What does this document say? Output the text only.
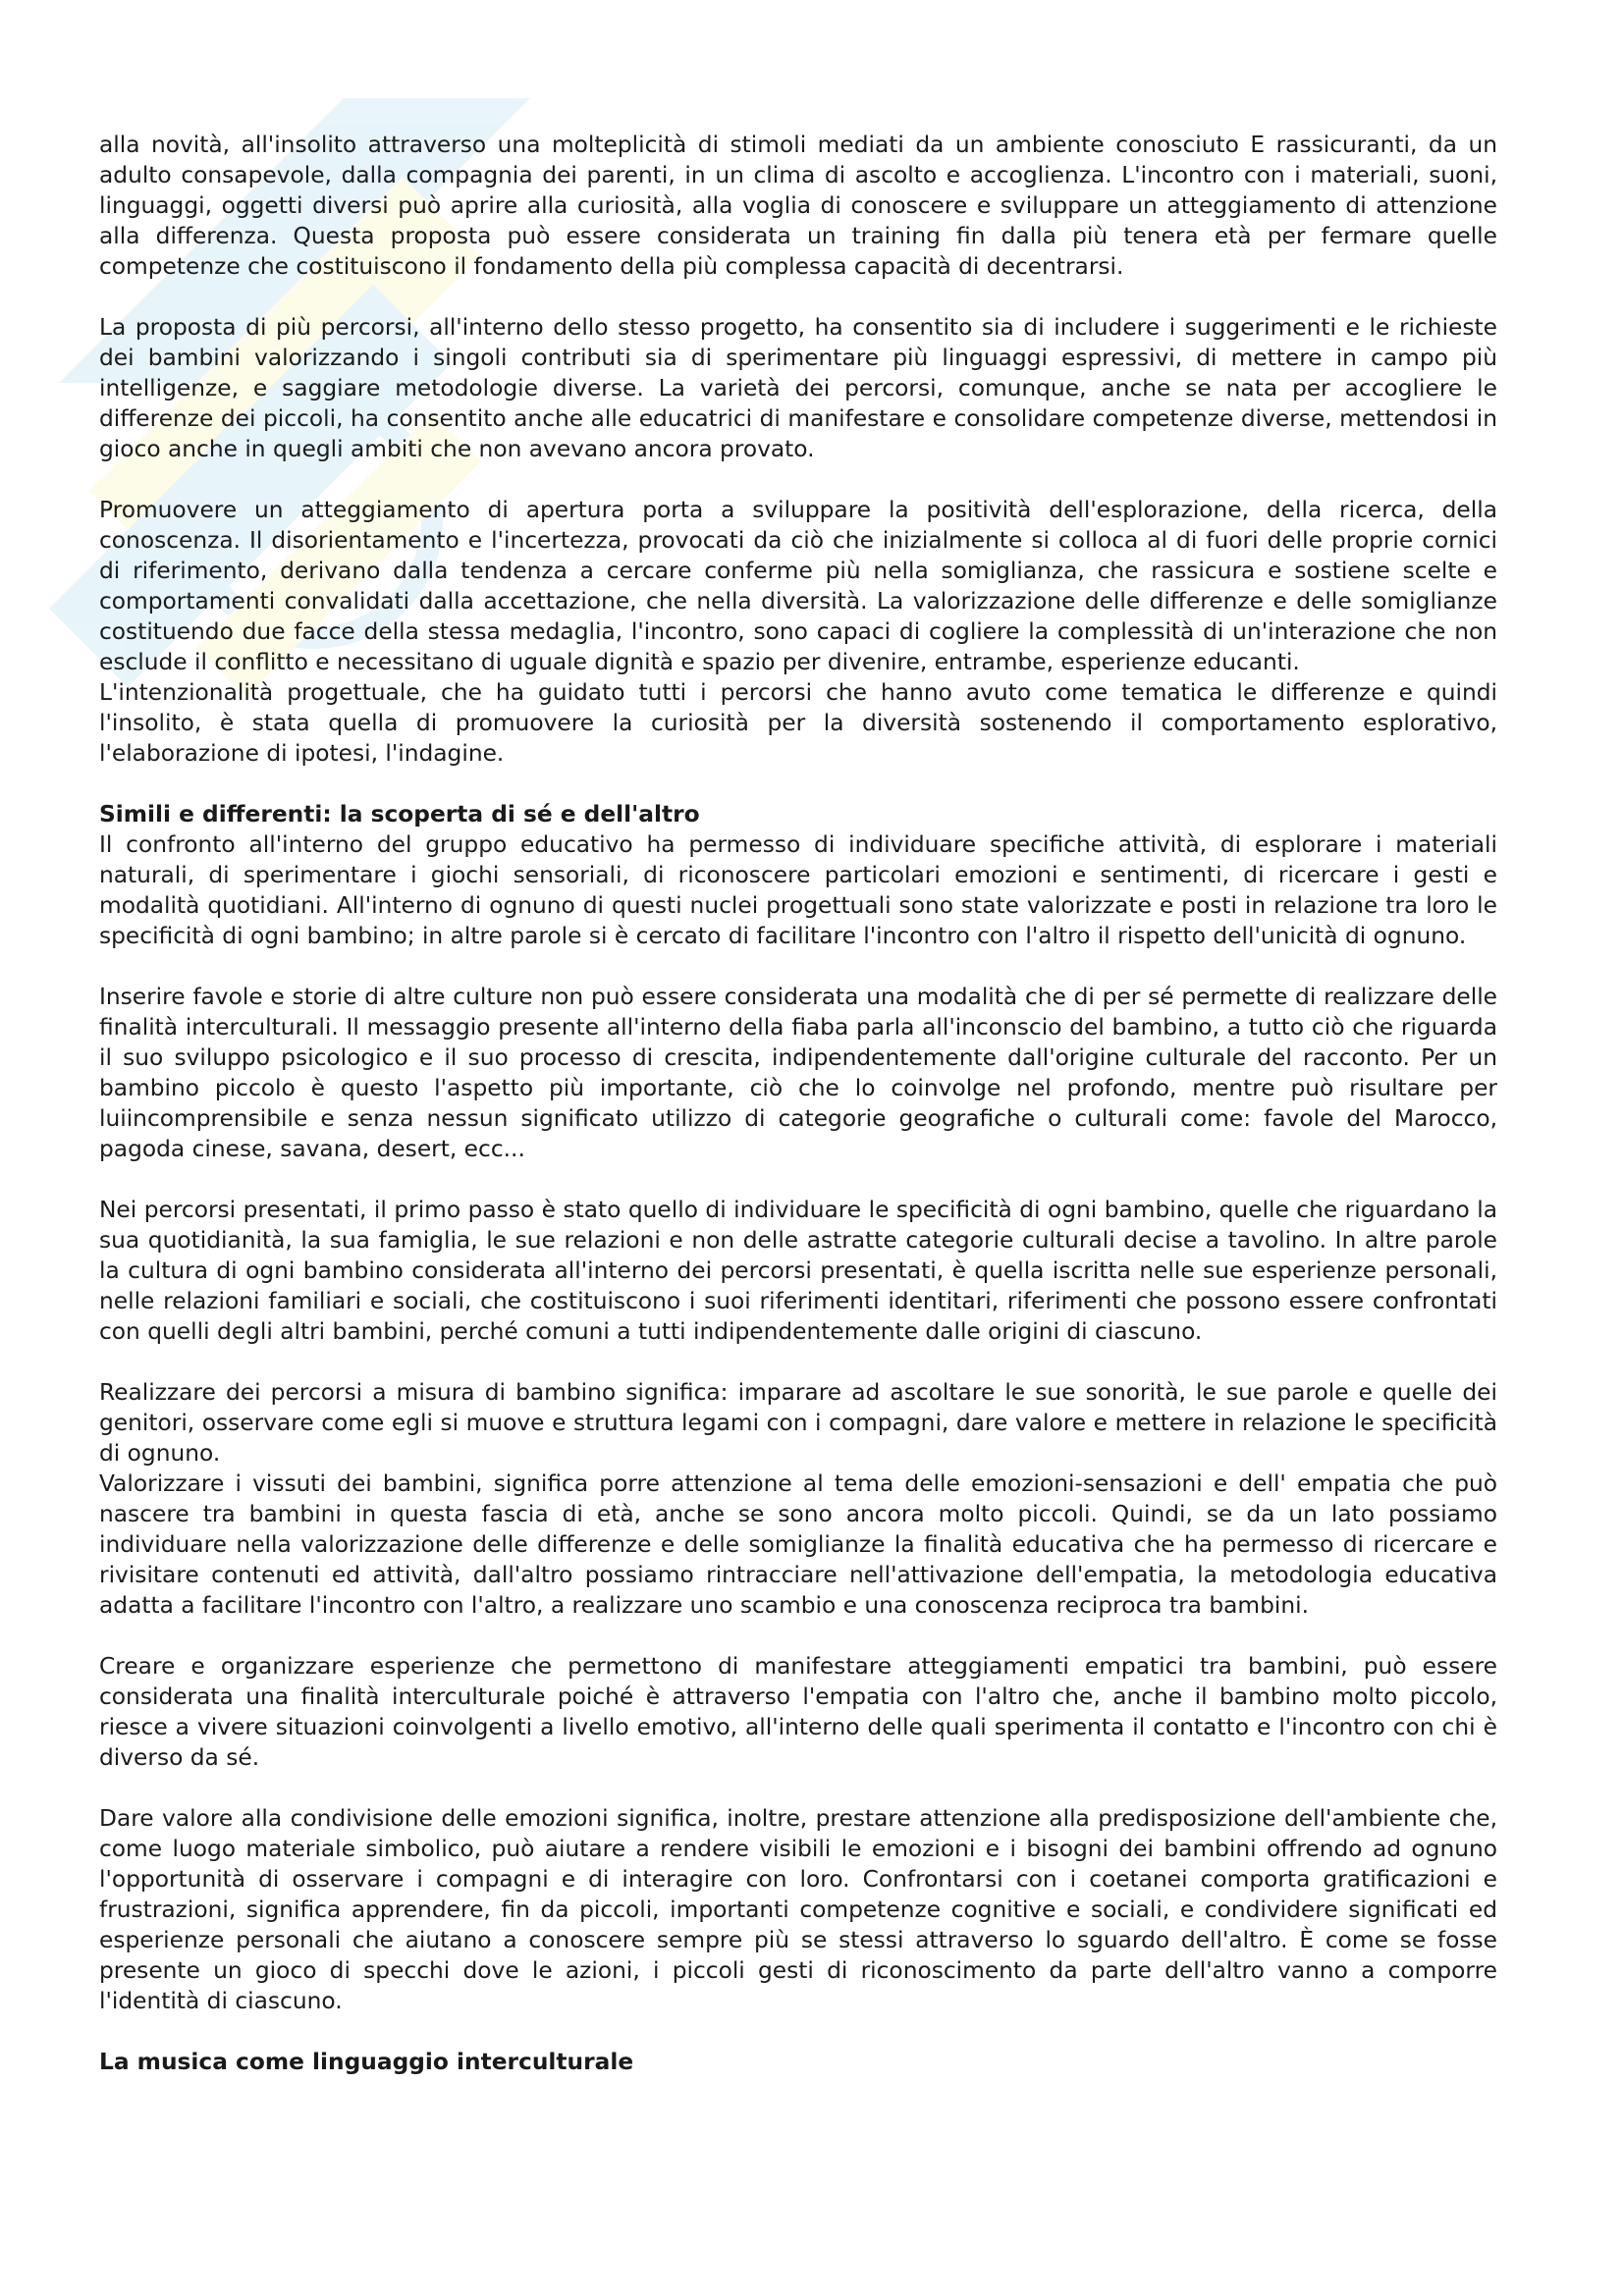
alla novità, all'insolito attraverso una molteplicità di stimoli mediati da un ambiente conosciuto E rassicuranti, da un adulto consapevole, dalla compagnia dei parenti, in un clima di ascolto e accoglienza. L'incontro con i materiali, suoni, linguaggi, oggetti diversi può aprire alla curiosità, alla voglia di conoscere e sviluppare un atteggiamento di attenzione alla differenza. Questa proposta può essere considerata un training fin dalla più tenera età per fermare quelle competenze che costituiscono il fondamento della più complessa capacità di decentrarsi.

La proposta di più percorsi, all'interno dello stesso progetto, ha consentito sia di includere i suggerimenti e le richieste dei bambini valorizzando i singoli contributi sia di sperimentare più linguaggi espressivi, di mettere in campo più intelligenze, e saggiare metodologie diverse. La varietà dei percorsi, comunque, anche se nata per accogliere le differenze dei piccoli, ha consentito anche alle educatrici di manifestare e consolidare competenze diverse, mettendosi in gioco anche in quegli ambiti che non avevano ancora provato.

Promuovere un atteggiamento di apertura porta a sviluppare la positività dell'esplorazione, della ricerca, della conoscenza. Il disorientamento e l'incertezza, provocati da ciò che inizialmente si colloca al di fuori delle proprie cornici di riferimento, derivano dalla tendenza a cercare conferme più nella somiglianza, che rassicura e sostiene scelte e comportamenti convalidati dalla accettazione, che nella diversità. La valorizzazione delle differenze e delle somiglianze costituendo due facce della stessa medaglia, l'incontro, sono capaci di cogliere la complessità di un'interazione che non esclude il conflitto e necessitano di uguale dignità e spazio per divenire, entrambe, esperienze educanti.

L'intenzionalità progettuale, che ha guidato tutti i percorsi che hanno avuto come tematica le differenze e quindi l'insolito, è stata quella di promuovere la curiosità per la diversità sostenendo il comportamento esplorativo, l'elaborazione di ipotesi, l'indagine.

Simili e differenti: la scoperta di sé e dell'altro

Il confronto all'interno del gruppo educativo ha permesso di individuare specifiche attività, di esplorare i materiali naturali, di sperimentare i giochi sensoriali, di riconoscere particolari emozioni e sentimenti, di ricercare i gesti e modalità quotidiani. All'interno di ognuno di questi nuclei progettuali sono state valorizzate e posti in relazione tra loro le specificità di ogni bambino; in altre parole si è cercato di facilitare l'incontro con l'altro il rispetto dell'unicità di ognuno.

Inserire favole e storie di altre culture non può essere considerata una modalità che di per sé permette di realizzare delle finalità interculturali. Il messaggio presente all'interno della fiaba parla all'inconscio del bambino, a tutto ciò che riguarda il suo sviluppo psicologico e il suo processo di crescita, indipendentemente dall'origine culturale del racconto. Per un bambino piccolo è questo l'aspetto più importante, ciò che lo coinvolge nel profondo, mentre può risultare per luiincomprensibile e senza nessun significato utilizzo di categorie geografiche o culturali come: favole del Marocco, pagoda cinese, savana, desert, ecc...

Nei percorsi presentati, il primo passo è stato quello di individuare le specificità di ogni bambino, quelle che riguardano la sua quotidianità, la sua famiglia, le sue relazioni e non delle astratte categorie culturali decise a tavolino. In altre parole la cultura di ogni bambino considerata all'interno dei percorsi presentati, è quella iscritta nelle sue esperienze personali, nelle relazioni familiari e sociali, che costituiscono i suoi riferimenti identitari, riferimenti che possono essere confrontati con quelli degli altri bambini, perché comuni a tutti indipendentemente dalle origini di ciascuno.

Realizzare dei percorsi a misura di bambino significa: imparare ad ascoltare le sue sonorità, le sue parole e quelle dei genitori, osservare come egli si muove e struttura legami con i compagni, dare valore e mettere in relazione le specificità di ognuno.

Valorizzare i vissuti dei bambini, significa porre attenzione al tema delle emozioni-sensazioni e dell' empatia che può nascere tra bambini in questa fascia di età, anche se sono ancora molto piccoli. Quindi, se da un lato possiamo individuare nella valorizzazione delle differenze e delle somiglianze la finalità educativa che ha permesso di ricercare e rivisitare contenuti ed attività, dall'altro possiamo rintracciare nell'attivazione dell'empatia, la metodologia educativa adatta a facilitare l'incontro con l'altro, a realizzare uno scambio e una conoscenza reciproca tra bambini.

Creare e organizzare esperienze che permettono di manifestare atteggiamenti empatici tra bambini, può essere considerata una finalità interculturale poiché è attraverso l'empatia con l'altro che, anche il bambino molto piccolo, riesce a vivere situazioni coinvolgenti a livello emotivo, all'interno delle quali sperimenta il contatto e l'incontro con chi è diverso da sé.

Dare valore alla condivisione delle emozioni significa, inoltre, prestare attenzione alla predisposizione dell'ambiente che, come luogo materiale simbolico, può aiutare a rendere visibili le emozioni e i bisogni dei bambini offrendo ad ognuno l'opportunità di osservare i compagni e di interagire con loro. Confrontarsi con i coetanei comporta gratificazioni e frustrazioni, significa apprendere, fin da piccoli, importanti competenze cognitive e sociali, e condividere significati ed esperienze personali che aiutano a conoscere sempre più se stessi attraverso lo sguardo dell'altro. È come se fosse presente un gioco di specchi dove le azioni, i piccoli gesti di riconoscimento da parte dell'altro vanno a comporre l'identità di ciascuno.

La musica come linguaggio interculturale
